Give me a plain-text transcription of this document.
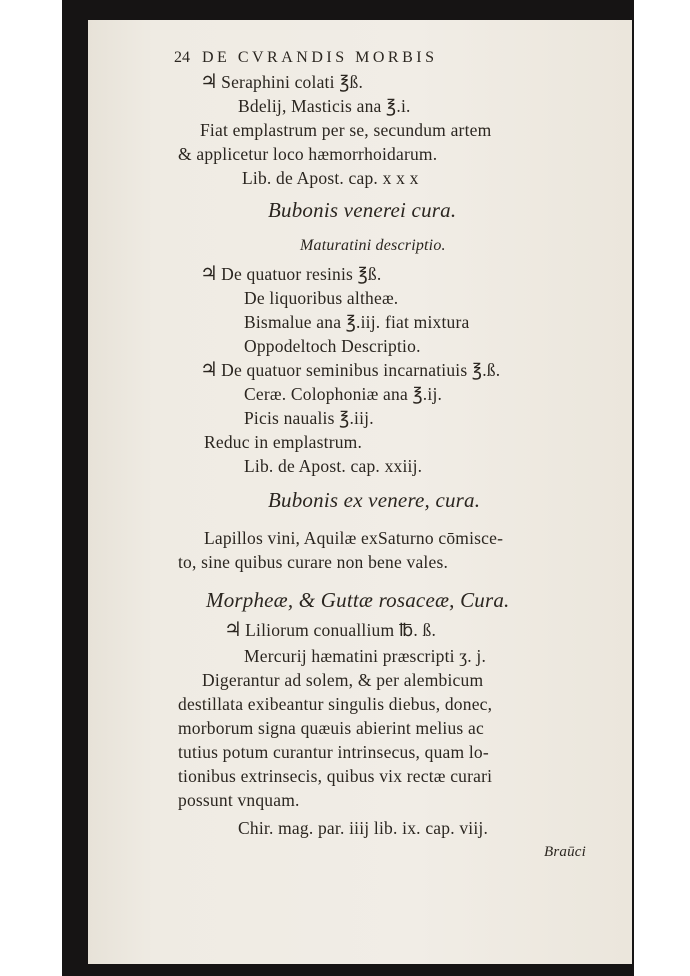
24 DE CVRANDIS MORBIS
♃ Seraphini colati ℥ß.
Bdelij, Masticis ana ℥.i.
Fiat emplastrum per se, secundum artem
& applicetur loco hæmorrhoidarum.
Lib. de Apost. cap. x x x
Bubonis venerei cura.
Maturatini descriptio.
♃ De quatuor resinis ℥ß.
De liquoribus altheæ.
Bismalue ana ℥.iij. fiat mixtura
Oppodeltoch Descriptio.
♃ De quatuor seminibus incarnatiuis ℥.ß.
Ceræ. Colophoniæ ana ℥.ij.
Picis naualis ℥.iij.
Reduc in emplastrum.
Lib. de Apost. cap. xxiij.
Bubonis ex venere, cura.
Lapillos vini, Aquilæ exSaturno cōmisce-
to, sine quibus curare non bene vales.
Morpheæ, & Guttæ rosaceæ, Cura.
♃ Liliorum conuallium ℔. ß.
Mercurij hæmatini præscripti ʒ. j.
Digerantur ad solem, & per alembicum
destillata exibeantur singulis diebus, donec,
morborum signa quæuis abierint melius ac
tutius potum curantur intrinsecus, quam lo-
tionibus extrinsecis, quibus vix rectæ curari
possunt vnquam.
Chir. mag. par. iiij lib. ix. cap. viij.
Braūci
